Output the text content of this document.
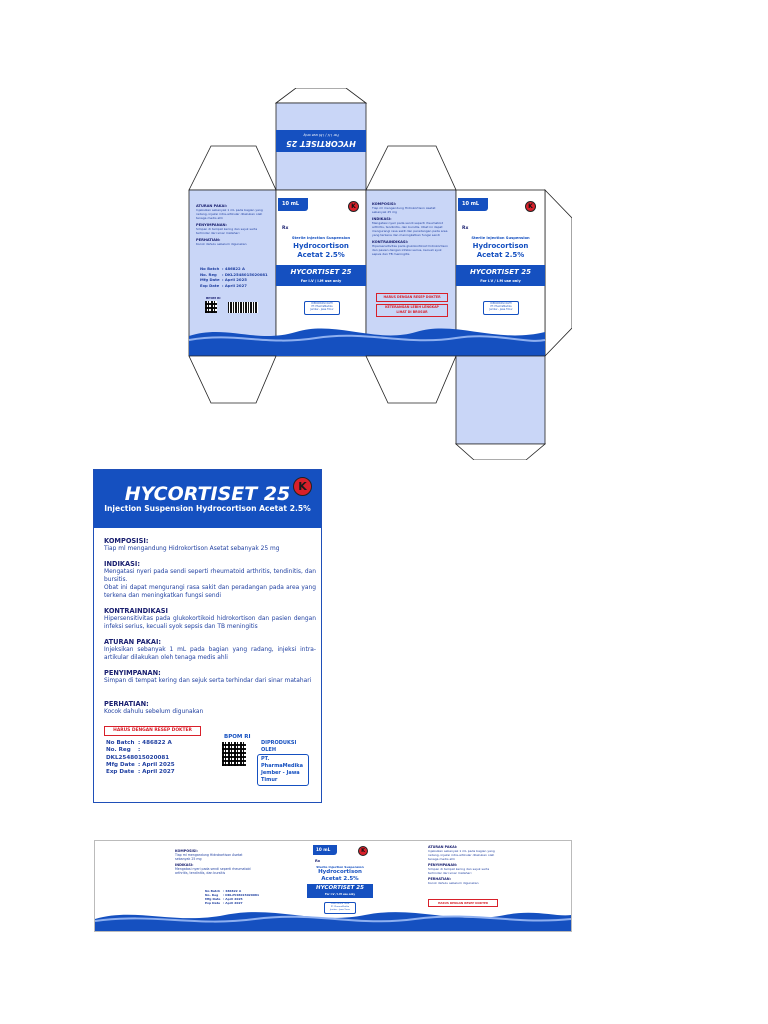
HYCORTISET 25
For I.V / I.M use only
ATURAN PAKAI:
Injeksikan sebanyak 1 mL pada bagian yang radang, injeksi intra-artikular dilakukan oleh tenaga medis ahli
PENYIMPANAN:
Simpan di tempat kering dan sejuk serta terhindar dari sinar matahari
PERHATIAN:
Kocok dahulu sebelum digunakan
No Batch : 486822 A
No. Reg : DKL2548015020081
Mfg Date : April 2025
Exp Date : April 2027
BPOM RI
10 mL	K
Rx
Sterile Injection Suspension
Hydrocortison
Acetat 2.5%
HYCORTISET 25
For I.V / I.M use only
DIPRODUKSI OLEH
PT. PharmaMedika
Jember - Jawa Timur
KOMPOSISI:
Tiap ml mengandung Hidrokortison Asetat sebanyak 25 mg
INDIKASI:
Mengatasi nyeri pada sendi seperti rheumatoid arthritis, tendinitis, dan bursitis. Obat ini dapat mengurangi rasa sakit dan peradangan pada area yang terkena dan meningkatkan fungsi sendi
KONTRAINDIKASI:
Hipersensitivitas pada glukokortikoid hidrokortison dan pasien dengan infeksi serius, kecuali syok sepsis dan TB meningitis
HARUS DENGAN RESEP DOKTER
KETERANGAN LEBIH LENGKAP
LIHAT DI BROSUR
10 mL	K
Rx
Sterile Injection Suspension
Hydrocortison
Acetat 2.5%
HYCORTISET 25
For I.V / I.M use only
DIPRODUKSI OLEH
PT. PharmaMedika
Jember - Jawa Timur
HYCORTISET 25
Injection Suspension Hydrocortison Acetat 2.5%
K
KOMPOSISI:
Tiap ml mengandung Hidrokortison Asetat sebanyak 25 mg
INDIKASI:
Mengatasi nyeri pada sendi seperti rheumatoid arthritis, tendinitis, dan bursitis.
Obat ini dapat mengurangi rasa sakit dan peradangan pada area yang terkena dan meningkatkan fungsi sendi
KONTRAINDIKASI
Hipersensitivitas pada glukokortikoid hidrokortison dan pasien dengan infeksi serius, kecuali syok sepsis dan TB meningitis
ATURAN PAKAI:
Injeksikan sebanyak 1 mL pada bagian yang radang, injeksi intra-artikular dilakukan oleh tenaga medis ahli
PENYIMPANAN:
Simpan di tempat kering dan sejuk serta terhindar dari sinar matahari
PERHATIAN:
Kocok dahulu sebelum digunakan
HARUS DENGAN RESEP DOKTER
No Batch : 486822 A
No. Reg : DKL2548015020081
Mfg Date : April 2025
Exp Date : April 2027
BPOM RI
DIPRODUKSI OLEH
PT. PharmaMedika
Jember - Jawa Timur
KOMPOSISI:
Tiap ml mengandung Hidrokortison Asetat sebanyak 25 mg
INDIKASI:
Mengatasi nyeri pada sendi seperti rheumatoid arthritis, tendinitis, dan bursitis
No Batch : 486822 A
No. Reg : DKL2548015020081
Mfg Date : April 2025
Exp Date : April 2027
10 mL	K
Rx
Sterile Injection Suspension
Hydrocortison
Acetat 2.5%
HYCORTISET 25
For I.V / I.M use only
DIPRODUKSI OLEH
PT. PharmaMedika
Jember - Jawa Timur
ATURAN PAKAI:
Injeksikan sebanyak 1 mL pada bagian yang radang, injeksi intra-artikular dilakukan oleh tenaga medis ahli
PENYIMPANAN:
Simpan di tempat kering dan sejuk serta terhindar dari sinar matahari
PERHATIAN:
Kocok dahulu sebelum digunakan
HARUS DENGAN RESEP DOKTER
